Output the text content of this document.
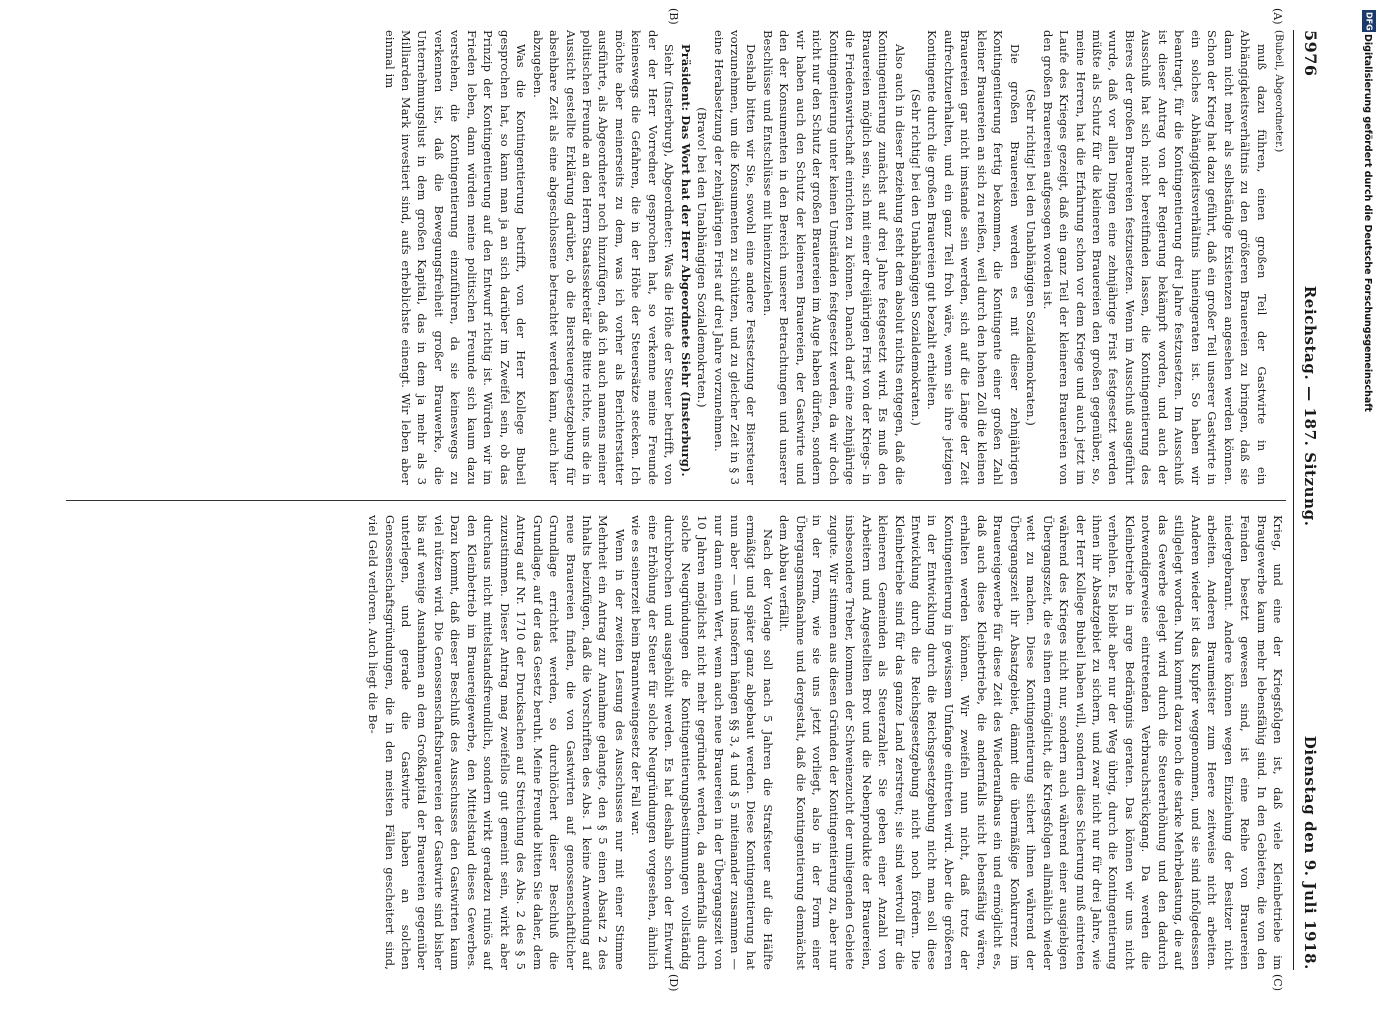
5976
Reichstag. — 187. Sitzung.
Dienstag den 9. Juli 1918.

(Bubeil, Abgeordneter.)

muß dazu führen, einen großen Teil der Gastwirte in ein Abhängigkeitsverhältnis zu den größeren Brauereien zu bringen, daß sie dann nicht mehr als selbständige Existenzen angesehen werden können. Schon der Krieg hat dazu geführt, daß ein großer Teil unserer Gastwirte in ein solches Abhängigkeitsverhältnis hineingeraten ist. So haben wir beantragt, für die Kontingentierung drei Jahre festzusetzen. Im Ausschuß ist dieser Antrag von der Regierung bekämpft worden, und auch der Ausschuß hat sich nicht bereitfinden lassen, die Kontingentierung des Bieres der großen Brauereien festzusetzen. Wenn im Ausschuß ausgeführt wurde, daß vor allen Dingen eine zehnjährige Frist festgesetzt werden müßte als Schutz für die kleineren Brauereien den großen gegenüber, so, meine Herren, hat die Erfahrung schon vor dem Kriege und auch jetzt im Laufe des Krieges gezeigt, daß ein ganz Teil der kleineren Brauereien von den großen Brauereien aufgesogen worden ist.

(Sehr richtig! bei den Unabhängigen Sozialdemokraten.)

Die großen Brauereien werden es mit dieser zehnjährigen Kontingentierung fertig bekommen, die Kontingente einer großen Zahl kleiner Brauereien an sich zu reißen, weil durch den hohen Zoll die kleinen Brauereien gar nicht imstande sein werden, sich auf die Länge der Zeit aufrechtzuerhalten, und ein ganz Teil froh wäre, wenn sie ihre jetzigen Kontingente durch die großen Brauereien gut bezahlt erhielten.

(Sehr richtig! bei den Unabhängigen Sozialdemokraten.)

Also auch in dieser Beziehung steht dem absolut nichts entgegen, daß die Kontingentierung zunächst auf drei Jahre festgesetzt wird. Es muß den Brauereien möglich sein, sich mit einer dreijährigen Frist von der Kriegs- in die Friedenswirtschaft einrichten zu können. Danach darf eine zehnjährige Kontingentierung unter keinen Umständen festgesetzt werden, da wir doch nicht nur den Schutz der großen Brauereien im Auge haben dürfen, sondern wir haben auch den Schutz der kleineren Brauereien, der Gastwirte und den der Konsumenten in den Bereich unserer Betrachtungen und unserer Beschlüsse und Entschlüsse mit hineinzuziehen.

Deshalb bitten wir Sie, sowohl eine andere Festsetzung der Biersteuer vorzunehmen, um die Konsumenten zu schützen, und zu gleicher Zeit in § 3 eine Herabsetzung der zehnjährigen Frist auf drei Jahre vorzunehmen.

(Bravo! bei den Unabhängigen Sozialdemokraten.)

Präsident: Das Wort hat der Herr Abgeordnete Siehr (Insterburg).

Siehr (Insterburg), Abgeordneter: Was die Höhe der Steuer betrifft, von der der Herr Vorredner gesprochen hat, so verkenne meine Freunde keineswegs die Gefahren, die in der Höhe der Steuersätze stecken. Ich möchte aber meinerseits zu dem, was ich vorher als Berichterstatter ausführte, als Abgeordneter noch hinzufügen, daß ich auch namens meiner politischen Freunde an den Herrn Staatssekretär die Bitte richte, uns die in Aussicht gestellte Erklärung darüber, ob die Biersteuergesetzgebung für absehbare Zeit als eine abgeschlossene betrachtet werden kann, auch hier abzugeben.

Was die Kontingentierung betrifft, von der Herr Kollege Bubeil gesprochen hat, so kann man ja an sich darüber im Zweifel sein, ob das Prinzip der Kontingentierung auf den Entwurf richtig ist. Würden wir im Frieden leben, dann würden meine politischen Freunde sich kaum dazu verstehen, die Kontingentierung einzuführen, da sie keineswegs zu verkennen ist, daß die Bewegungsfreiheit großer Brauwerke, die Unternehmungslust in dem großen Kapital, das in dem ja mehr als 3 Milliarden Mark investiert sind, aufs erheblichste einengt. Wir leben aber einmal im

Krieg, und eine der Kriegsfolgen ist, daß viele Kleinbetriebe im Braugewerbe kaum mehr lebensfähig sind. In den Gebieten, die von den Feinden besetzt gewesen sind, ist eine Reihe von Brauereien niedergebrannt. Andere können wegen Einziehung der Besitzer nicht arbeiten. Anderen Braumeister zum Heere zeitweise nicht arbeiten. Anderen wieder ist das Kupfer weggenommen, und sie sind infolgedessen stillgelegt worden. Nun kommt dazu noch die starke Mehrbelastung, die auf das Gewerbe gelegt wird durch die Steuererhöhung und den dadurch notwendigerweise eintretenden Verbrauchsrückgang. Da werden die Kleinbetriebe in arge Bedrängnis geraten. Das können wir uns nicht verhehlen. Es bleibt aber nur der Weg übrig, durch die Kontingentierung ihnen ihr Absatzgebiet zu sichern, und zwar nicht nur für drei Jahre, wie der Herr Kollege Bubeil haben will, sondern diese Sicherung muß eintreten während des Krieges nicht nur, sondern auch während einer ausgiebigen Übergangszeit, die es ihnen ermöglicht, die Kriegsfolgen allmählich wieder wett zu machen. Diese Kontingentierung sichert ihnen während der Übergangszeit ihr Absatzgebiet, dämmt die übermäßige Konkurrenz im Brauereigewerbe für diese Zeit des Wiederaufbaus ein und ermöglicht es, daß auch diese Kleinbetriebe, die andernfalls nicht lebensfähig wären, erhalten werden können. Wir zweifeln nun nicht, daß trotz der Kontingentierung in gewissem Umfange eintreten wird. Aber die größeren in der Entwicklung durch die Reichsgesetzgebung nicht man soll diese Entwicklung durch die Reichsgesetzgebung nicht noch fördern. Die Kleinbetriebe sind für das ganze Land zerstreut; sie sind wertvoll für die kleineren Gemeinden als Steuerzahler. Sie geben einer Anzahl von Arbeitern und Angestellten Brot und die Nebenprodukte der Brauereien, insbesondere Treber, kommen der Schweinezucht der umliegenden Gebiete zugute. Wir stimmen aus diesen Gründen der Kontingentierung zu, aber nur in der Form, wie sie uns jetzt vorliegt, also in der Form einer Übergangsmaßnahme und dergestalt, daß die Kontingentierung demnächst dem Abbau verfällt.

Nach der Vorlage soll nach 5 Jahren die Strafsteuer auf die Hälfte ermäßigt und später ganz abgebaut werden. Diese Kontingentierung hat nun aber — und insofern hängen §§ 3, 4 und § 5 miteinander zusammen — nur dann einen Wert, wenn auch neue Brauereien in der Übergangszeit von 10 Jahren möglichst nicht mehr gegründet werden, da andernfalls durch solche Neugründungen die Kontingentierungsbestimmungen vollständig durchbrochen und ausgehöhlt werden. Es hat deshalb schon der Entwurf eine Erhöhung der Steuer für solche Neugründungen vorgesehen, ähnlich wie es seinerzeit beim Branntweingesetz der Fall war.

Wenn in der zweiten Lesung des Ausschusses nur mit einer Stimme Mehrheit ein Antrag zur Annahme gelangte, den § 5 einen Absatz 2 des Inhalts beizufügen, daß die Vorschriften des Abs. 1 keine Anwendung auf neue Brauereien finden, die von Gastwirten auf genossenschaftlicher Grundlage errichtet werden, so durchlöchert dieser Beschluß die Grundlage, auf der das Gesetz beruht. Meine Freunde bitten Sie daher, dem Antrag auf Nr. 1710 der Drucksachen auf Streichung des Abs. 2 des § 5 zuzustimmen. Dieser Antrag mag zweifellos gut gemeint sein, wirkt aber durchaus nicht mittelstandsfreundlich, sondern wirkt geradezu ruinös auf den Kleinbetrieb im Brauereigewerbe, den Mittelstand dieses Gewerbes. Dazu kommt, daß dieser Beschluß des Ausschusses den Gastwirten kaum viel nützen wird. Die Genossenschaftsbrauereien der Gastwirte sind bisher bis auf wenige Ausnahmen an dem Großkapital der Brauereien gegenüber unterlegen, und gerade die Gastwirte haben an solchen Genossenschaftsgründungen, die in den meisten Fällen gescheitert sind, viel Geld verloren. Auch liegt die Be-

(A)
(B)
(C)
(D)
DFG
Digitalisierung gefördert durch die Deutsche Forschungsgemeinschaft
